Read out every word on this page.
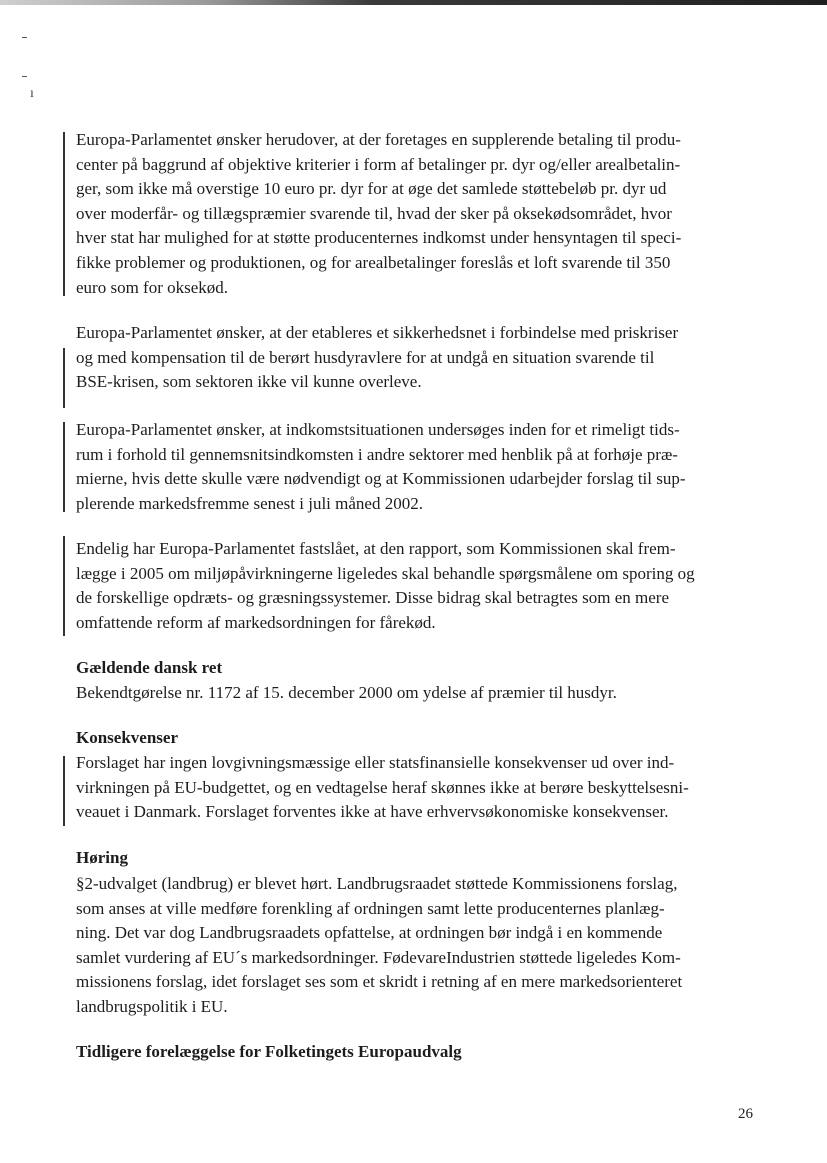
ı
Europa-Parlamentet ønsker herudover, at der foretages en supplerende betaling til produ-
center på baggrund af objektive kriterier i form af betalinger pr. dyr og/eller arealbetalin-
ger, som ikke må overstige 10 euro pr. dyr for at øge det samlede støttebeløb pr. dyr ud
over moderfår- og tillægspræmier svarende til, hvad der sker på oksekødsområdet, hvor
hver stat har mulighed for at støtte producenternes indkomst under hensyntagen til speci-
fikke problemer og produktionen, og for arealbetalinger foreslås et loft svarende til 350
euro som for oksekød.
Europa-Parlamentet ønsker, at der etableres et sikkerhedsnet i forbindelse med priskriser
og med kompensation til de berørt husdyravlere for at undgå en situation svarende til
BSE-krisen, som sektoren ikke vil kunne overleve.
Europa-Parlamentet ønsker, at indkomstsituationen undersøges inden for et rimeligt tids-
rum i forhold til gennemsnitsindkomsten i andre sektorer med henblik på at forhøje præ-
mierne, hvis dette skulle være nødvendigt og at Kommissionen udarbejder forslag til sup-
plerende markedsfremme senest i juli måned 2002.
Endelig har Europa-Parlamentet fastslået, at den rapport, som Kommissionen skal frem-
lægge i 2005 om miljøpåvirkningerne ligeledes skal behandle spørgsmålene om sporing og
de forskellige opdræts- og græsningssystemer. Disse bidrag skal betragtes som en mere
omfattende reform af markedsordningen for fårekød.
Gældende dansk ret
Bekendtgørelse nr. 1172 af 15. december 2000 om ydelse af præmier til husdyr.
Konsekvenser
Forslaget har ingen lovgivningsmæssige eller statsfinansielle konsekvenser ud over ind-
virkningen på EU-budgettet, og en vedtagelse heraf skønnes ikke at berøre beskyttelsesni-
veauet i Danmark. Forslaget forventes ikke at have erhvervsøkonomiske konsekvenser.
Høring
§2-udvalget (landbrug) er blevet hørt. Landbrugsraadet støttede Kommissionens forslag,
som anses at ville medføre forenkling af ordningen samt lette producenternes planlæg-
ning. Det var dog Landbrugsraadets opfattelse, at ordningen bør indgå i en kommende
samlet vurdering af EU´s markedsordninger. FødevareIndustrien støttede ligeledes Kom-
missionens forslag, idet forslaget ses som et skridt i retning af en mere markedsorienteret
landbrugspolitik i EU.
Tidligere forelæggelse for Folketingets Europaudvalg
26
